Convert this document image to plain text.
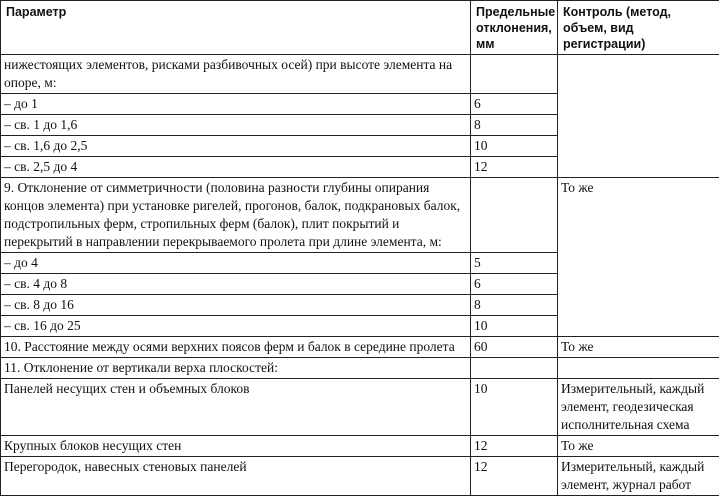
Параметр	Предельные отклонения, мм	Контроль (метод, объем, вид регистрации)
нижестоящих элементов, рисками разбивочных осей) при высоте элемента на опоре, м:		
– до 1	6	
– св. 1 до 1,6	8	
– св. 1,6 до 2,5	10	
– св. 2,5 до 4	12	
9. Отклонение от симметричности (половина разности глубины опирания концов элемента) при установке ригелей, прогонов, балок, подкрановых балок, подстропильных ферм, стропильных ферм (балок), плит покрытий и перекрытий в направлении перекрываемого пролета при длине элемента, м:		То же
– до 4	5	
– св. 4 до 8	6	
– св. 8 до 16	8	
– св. 16 до 25	10	
10. Расстояние между осями верхних поясов ферм и балок в середине пролета	60	То же
11. Отклонение от вертикали верха плоскостей:		
Панелей несущих стен и объемных блоков	10	Измерительный, каждый элемент, геодезическая исполнительная схема
Крупных блоков несущих стен	12	То же
Перегородок, навесных стеновых панелей	12	Измерительный, каждый элемент, журнал работ
